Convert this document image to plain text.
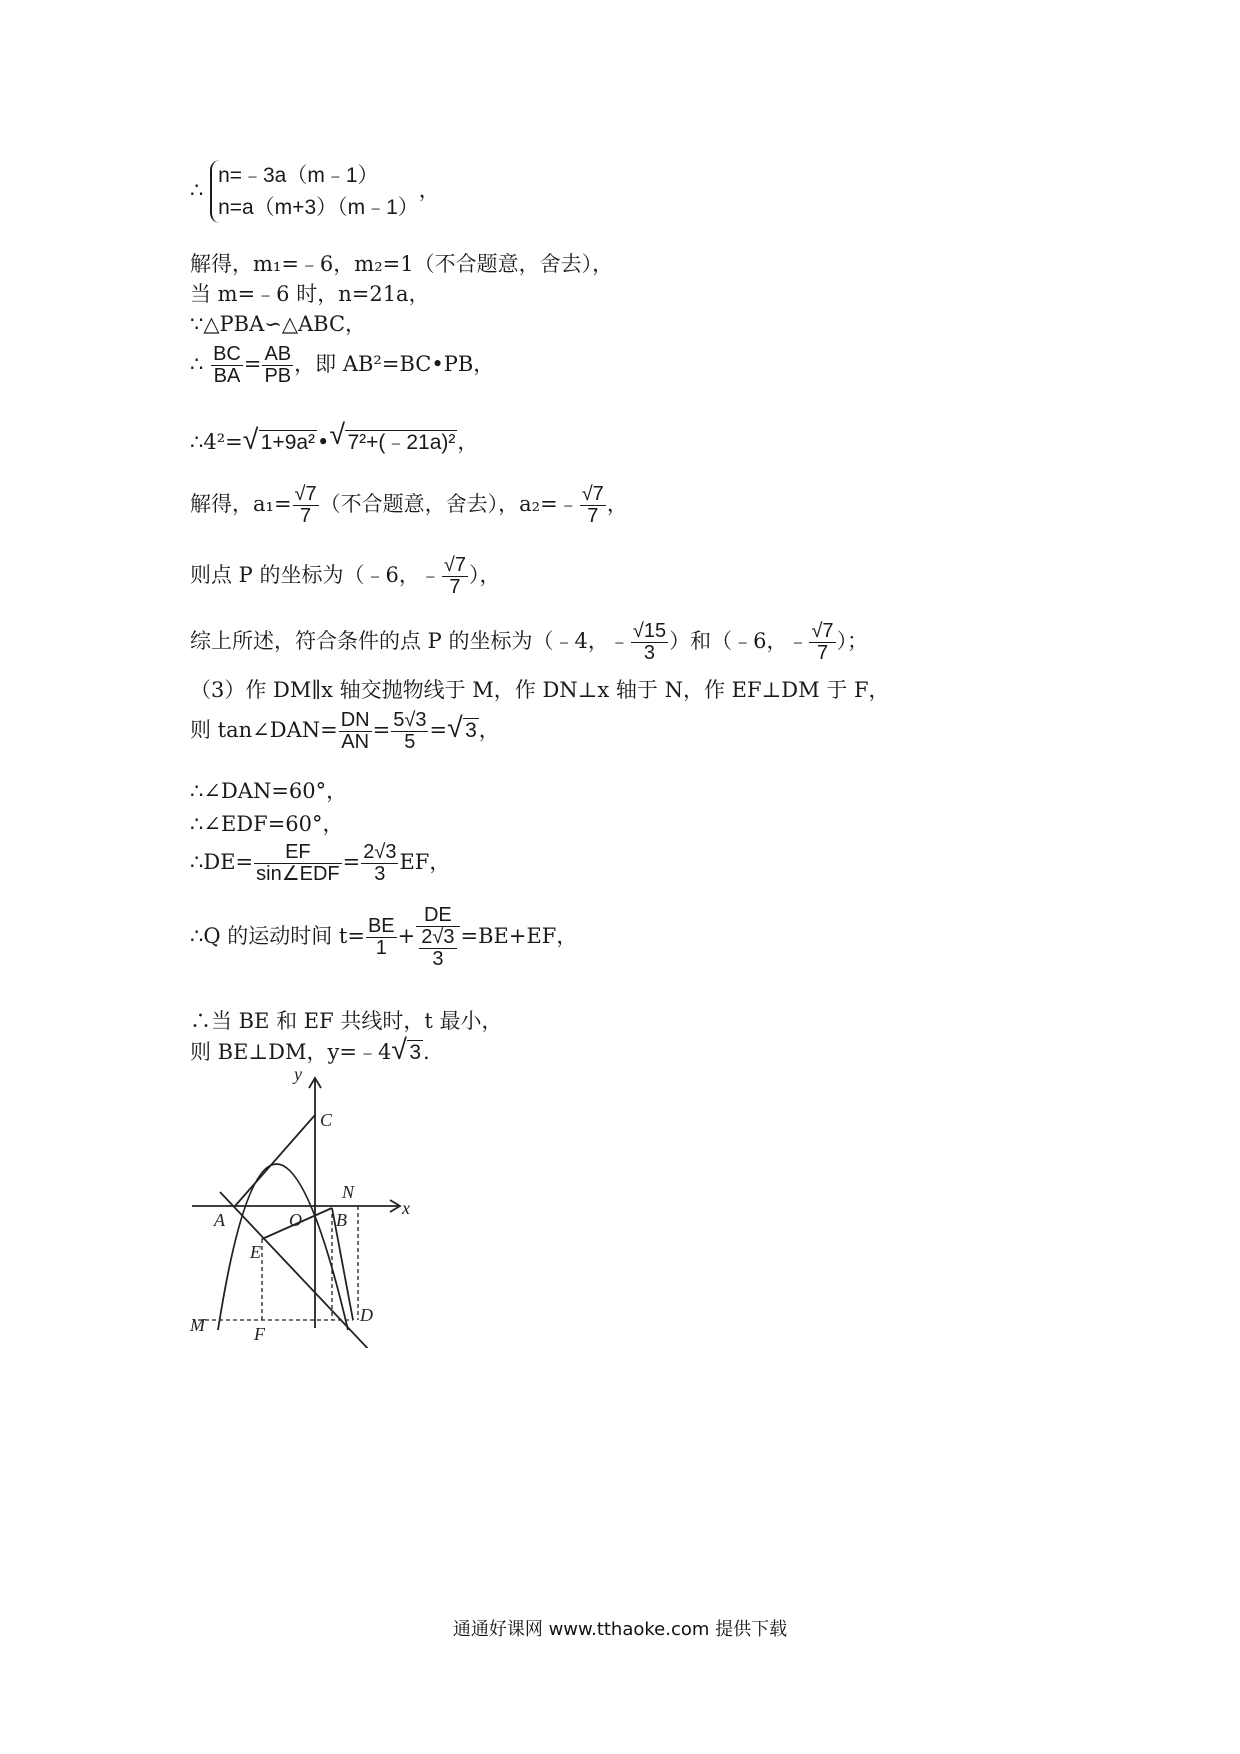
∴
n=﹣3a（m﹣1）
n=a（m+3）（m﹣1）
，
解得，m₁=﹣6，m₂=1（不合题意，舍去），
当 m=﹣6 时，n=21a，
∵△PBA∽△ABC，
∴ $\frac{BC}{BA} = \frac{AB}{PB}$ ，即 AB²=BC•PB，
∴4²= √ 1+9a²• √ 7²+(﹣21a)²，
解得，$a_1= \frac{√7}{7}$ （不合题意，舍去），a₂=﹣ $\frac{√7}{7}$ ，
则点 P 的坐标为（﹣6，﹣ $\frac{√7}{7}$ ），
综上所述，符合条件的点 P 的坐标为（﹣4，﹣ $\frac{√15}{3}$ ）和（﹣6，﹣ $\frac{√7}{7}$ ）；
（3）作 DM∥x 轴交抛物线于 M，作 DN⊥x 轴于 N，作 EF⊥DM 于 F，
则 tan∠DAN= $\frac{DN}{AN} = \frac{5√3}{5}$ = √ 3，
∴∠DAN=60°，
∴∠EDF=60°，
∴DE= $\frac{EF}{\text{sin∠EDF}} = \frac{2√3}{3}$ EF，
∴Q 的运动时间 $t= \frac{BE}{1} + \frac{DE}{\frac{2√3}{3}} =BE+EF$，
∴当 BE 和 EF 共线时，t 最小，
则 BE⊥DM，y=﹣4 √ 3.
y
x
C
N
A	O B
E
D
M	F
通通好课网 www.tthaoke.com 提供下载
